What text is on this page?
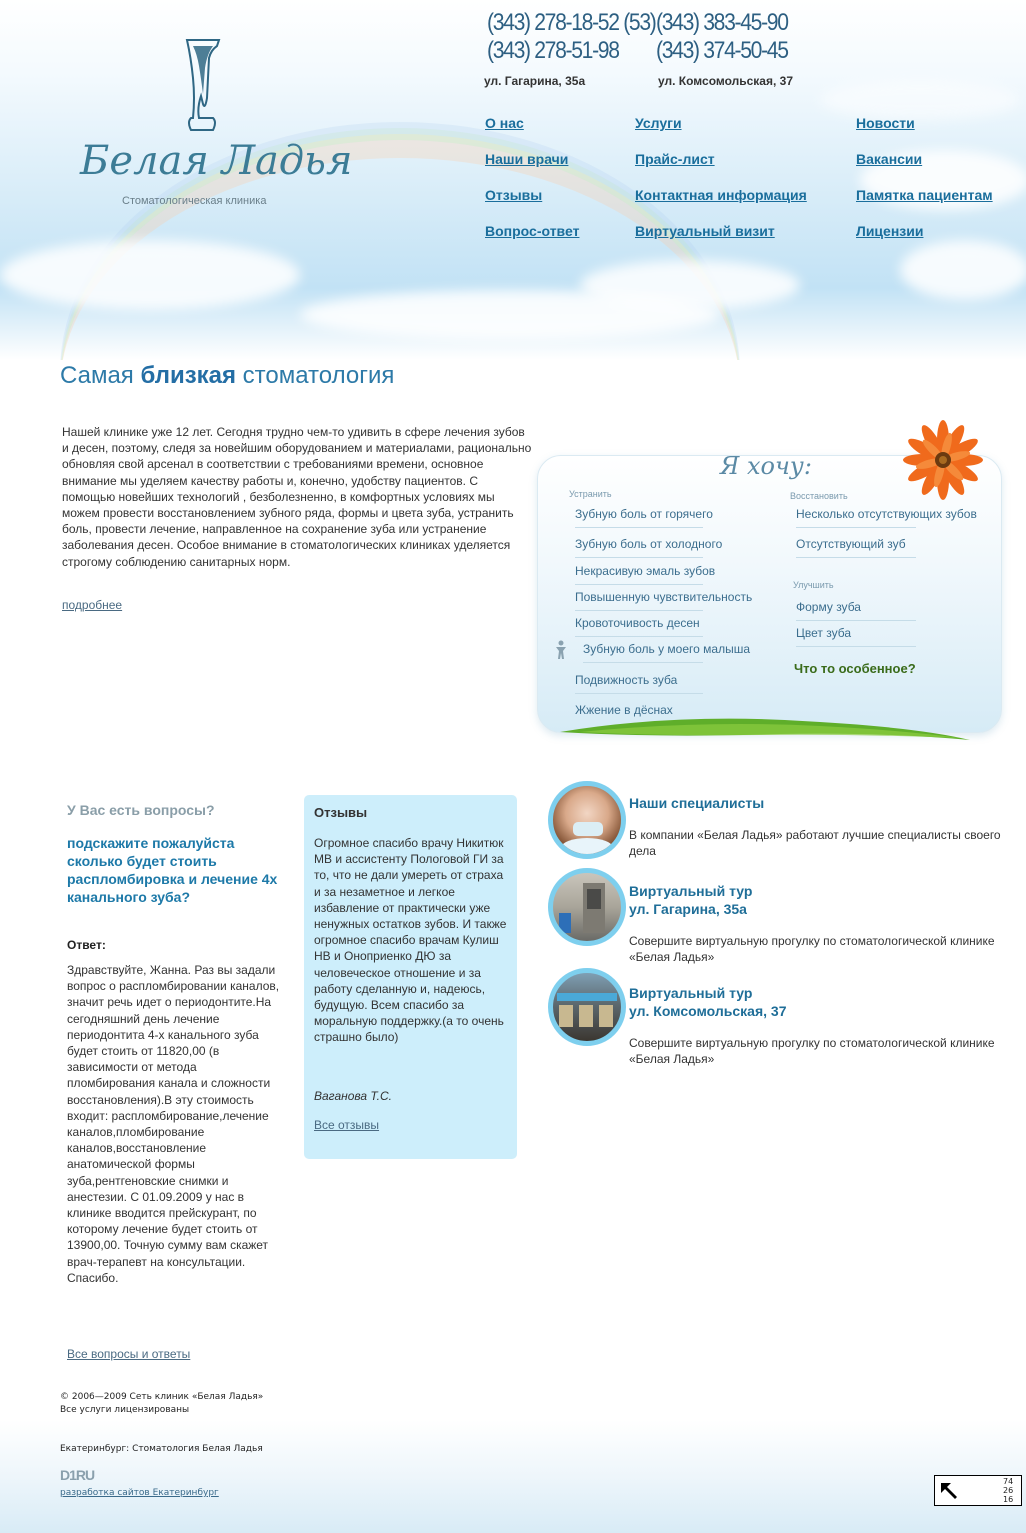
Белая Ладья
Стоматологическая клиника
(343) 278-18-52 (53)
(343) 278-51-98
(343) 383-45-90
(343) 374-50-45
ул. Гагарина, 35а	ул. Комсомольская, 37
О нас
Наши врачи
Отзывы
Вопрос-ответ
Услуги
Прайс-лист
Контактная информация
Виртуальный визит
Новости
Вакансии
Памятка пациентам
Лицензии
Самая близкая стоматология
Нашей клинике уже 12 лет. Сегодня трудно чем-то удивить в сфере лечения зубов и десен, поэтому, следя за новейшим оборудованием и материалами, рационально обновляя свой арсенал в соответствии с требованиями времени, основное внимание мы уделяем качеству работы и, конечно, удобству пациентов. С помощью новейших технологий , безболезненно, в комфортных условиях мы можем провести восстановлением зубного ряда, формы и цвета зуба, устранить боль, провести лечение, направленное на сохранение зуба или устранение заболевания десен. Особое внимание в стоматологических клиниках уделяется строгому соблюдению санитарных норм.
подробнее
Я хочу:
Устранить
Зубную боль от горячего
Зубную боль от холодного
Некрасивую эмаль зубов
Повышенную чувствительность
Кровоточивость десен
Зубную боль у моего малыша
Подвижность зуба
Жжение в дёснах
Восстановить
Несколько отсутствующих зубов
Отсутствующий зуб
Улучшить
Форму зуба
Цвет зуба
Что то особенное?
У Вас есть вопросы?
подскажите пожалуйста сколько будет стоить распломбировка и лечение 4х канального зуба?
Ответ:
Здравствуйте, Жанна. Раз вы задали вопрос о распломбировании каналов, значит речь идет о периодонтите.На сегодняшний день лечение периодонтита 4-х канального зуба будет стоить от 11820,00 (в зависимости от метода пломбирования канала и сложности восстановления).В эту стоимость входит: распломбирование,лечение каналов,пломбирование каналов,восстановление анатомической формы зуба,рентгеновские снимки и анестезии. С 01.09.2009 у нас в клинике вводится прейскурант, по которому лечение будет стоить от 13900,00. Точную сумму вам скажет врач-терапевт на консультации. Спасибо.
Все вопросы и ответы
Отзывы
Огромное спасибо врачу Никитюк МВ и ассистенту Пологовой ГИ за то, что не дали умереть от страха и за незаметное и легкое избавление от практически уже ненужных остатков зубов. И также огромное спасибо врачам Кулиш НВ и Оноприенко ДЮ за человеческое отношение и за работу сделанную и, надеюсь, будущую. Всем спасибо за моральную поддержку.(а то очень страшно было)
Ваганова Т.С.
Все отзывы
Наши специалисты
В компании «Белая Ладья» работают лучшие специалисты своего дела
Виртуальный тур
ул. Гагарина, 35а
Совершите виртуальную прогулку по стоматологической клинике «Белая Ладья»
Виртуальный тур
ул. Комсомольская, 37
Совершите виртуальную прогулку по стоматологической клинике «Белая Ладья»
© 2006—2009 Сеть клиник «Белая Ладья»
Все услуги лицензированы
Екатеринбург: Стоматология Белая Ладья
D1RU
разработка сайтов Екатеринбург
74
26
16
